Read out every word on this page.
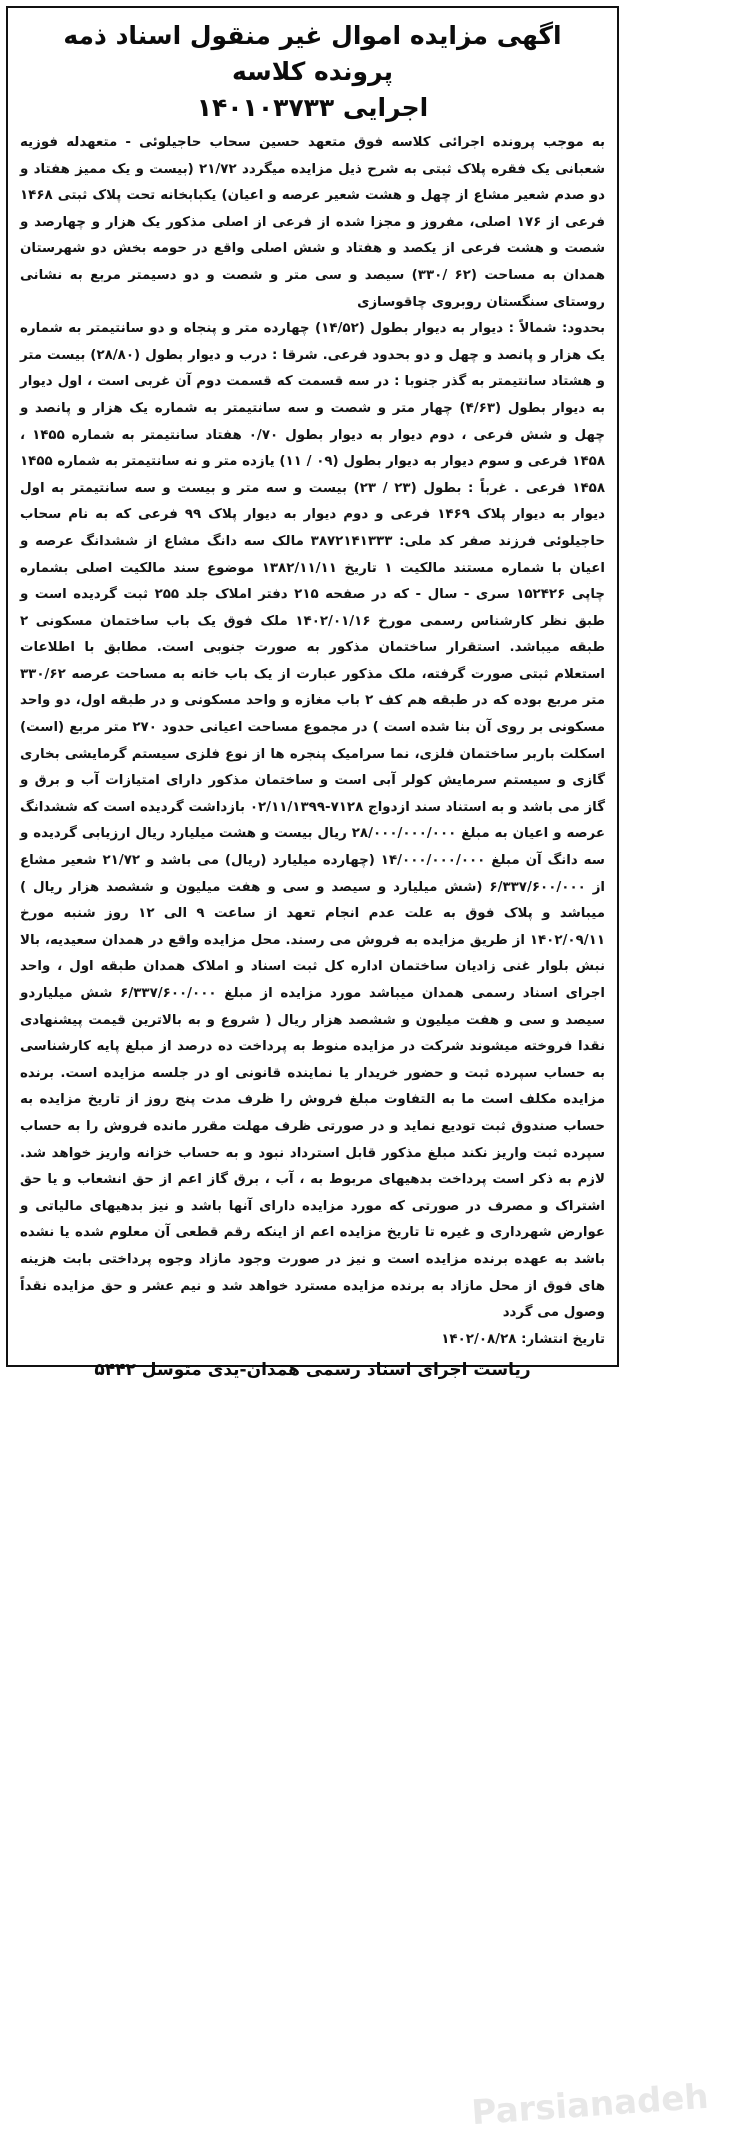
اگهی مزایده اموال غیر منقول اسناد ذمه پرونده کلاسه
اجرایی ۱۴۰۱۰۳۷۳۳

به موجب پرونده اجرائی کلاسه فوق متعهد حسین سحاب حاجیلوئی - متعهدله فوزیه شعبانی یک فقره پلاک ثبتی به شرح ذیل مزایده میگردد ۲۱/۷۲ (بیست و یک ممیز هفتاد و دو صدم شعیر مشاع از چهل و هشت شعیر عرصه و اعیان) یکبابخانه تحت پلاک ثبتی ۱۴۶۸ فرعی از ۱۷۶ اصلی، مفروز و مجزا شده از فرعی از اصلی مذکور یک هزار و چهارصد و شصت و هشت فرعی از یکصد و هفتاد و شش اصلی واقع در حومه بخش دو شهرستان همدان به مساحت (۶۲ /۳۳۰) سیصد و سی متر و شصت و دو دسیمتر مربع به نشانی روستای سنگستان روبروی چاقوسازی

بحدود: شمالاً : دیوار به دیوار بطول (۱۴/۵۲) چهارده متر و پنجاه و دو سانتیمتر به شماره یک هزار و پانصد و چهل و دو بحدود فرعی. شرقا : درب و دیوار بطول (۲۸/۸۰) بیست متر و هشتاد سانتیمتر به گذر جنوبا : در سه قسمت که قسمت دوم آن غربی است ، اول دیوار به دیوار بطول (۴/۶۳) چهار متر و شصت و سه سانتیمتر به شماره یک هزار و پانصد و چهل و شش فرعی ، دوم دیوار به دیوار بطول ۰/۷۰ هفتاد سانتیمتر به شماره ۱۴۵۵ ، ۱۴۵۸ فرعی و سوم دیوار به دیوار بطول (۰۹ / ۱۱) یازده متر و نه سانتیمتر به شماره ۱۴۵۵ ۱۴۵۸ فرعی . غرباً : بطول (۲۳ / ۲۳) بیست و سه متر و بیست و سه سانتیمتر به اول دیوار به دیوار پلاک ۱۴۶۹ فرعی و دوم دیوار به دیوار پلاک ۹۹ فرعی که به نام سحاب حاجیلوئی فرزند صفر کد ملی: ۳۸۷۲۱۴۱۳۳۳ مالک سه دانگ مشاع از ششدانگ عرصه و اعیان با شماره مستند مالکیت ۱ تاریخ ۱۳۸۲/۱۱/۱۱ موضوع سند مالکیت اصلی بشماره چاپی ۱۵۲۴۲۶ سری - سال - که در صفحه ۲۱۵ دفتر املاک جلد ۲۵۵ ثبت گردیده است و طبق نظر کارشناس رسمی مورخ ۱۴۰۲/۰۱/۱۶ ملک فوق یک باب ساختمان مسکونی ۲ طبقه میباشد. استقرار ساختمان مذکور به صورت جنوبی است. مطابق با اطلاعات استعلام ثبتی صورت گرفته، ملک مذکور عبارت از یک باب خانه به مساحت عرصه ۳۳۰/۶۲ متر مربع بوده که در طبقه هم کف ۲ باب مغازه و واحد مسکونی و در طبقه اول، دو واحد مسکونی بر روی آن بنا شده است ) در مجموع مساحت اعیانی حدود ۲۷۰ متر مربع (است) اسکلت باربر ساختمان فلزی، نما سرامیک پنجره ها از نوع فلزی سیستم گرمایشی بخاری گازی و سیستم سرمایش کولر آبی است و ساختمان مذکور دارای امتیازات آب و برق و گاز می باشد و به استناد سند ازدواج ۷۱۲۸-۰۲/۱۱/۱۳۹۹ بازداشت گردیده است که ششدانگ عرصه و اعیان به مبلغ ۲۸/۰۰۰/۰۰۰/۰۰۰ ریال بیست و هشت میلیارد ریال ارزیابی گردیده و سه دانگ آن مبلغ ۱۴/۰۰۰/۰۰۰/۰۰۰ (چهارده میلیارد (ریال) می باشد و ۲۱/۷۲ شعیر مشاع از ۶/۳۳۷/۶۰۰/۰۰۰ (شش میلیارد و سیصد و سی و هفت میلیون و ششصد هزار ریال ) میباشد و پلاک فوق به علت عدم انجام تعهد از ساعت ۹ الی ۱۲ روز شنبه مورخ ۱۴۰۲/۰۹/۱۱ از طریق مزایده به فروش می رسند. محل مزایده واقع در همدان سعیدیه، بالا نبش بلوار غنی زادیان ساختمان اداره کل ثبت اسناد و املاک همدان طبقه اول ، واحد اجرای اسناد رسمی همدان میباشد مورد مزایده از مبلغ ۶/۳۳۷/۶۰۰/۰۰۰ شش میلیاردو سیصد و سی و هفت میلیون و ششصد هزار ریال ( شروع و به بالاترین قیمت پیشنهادی نقدا فروخته میشوند شرکت در مزایده منوط به پرداخت ده درصد از مبلغ پایه کارشناسی به حساب سپرده ثبت و حضور خریدار یا نماینده قانونی او در جلسه مزایده است. برنده مزایده مکلف است ما به التفاوت مبلغ فروش را ظرف مدت پنج روز از تاریخ مزایده به حساب صندوق ثبت تودیع نماید و در صورتی ظرف مهلت مقرر مانده فروش را به حساب سپرده ثبت واریز نکند مبلغ مذکور قابل استرداد نبود و به حساب خزانه واریز خواهد شد. لازم به ذکر است پرداخت بدهیهای مربوط به ، آب ، برق گاز اعم از حق انشعاب و یا حق اشتراک و مصرف در صورتی که مورد مزایده دارای آنها باشد و نیز بدهیهای مالیاتی و عوارض شهرداری و غیره تا تاریخ مزایده اعم از اینکه رقم قطعی آن معلوم شده یا نشده باشد به عهده برنده مزایده است و نیز در صورت وجود مازاد وجوه پرداختی بابت هزینه های فوق از محل مازاد به برنده مزایده مسترد خواهد شد و نیم عشر و حق مزایده نقداً وصول می گردد

تاریخ انتشار: ۱۴۰۲/۰۸/۲۸

ریاست اجرای اسناد رسمی همدان-یدی متوسل ۵۴۴۲

Parsianadeh
